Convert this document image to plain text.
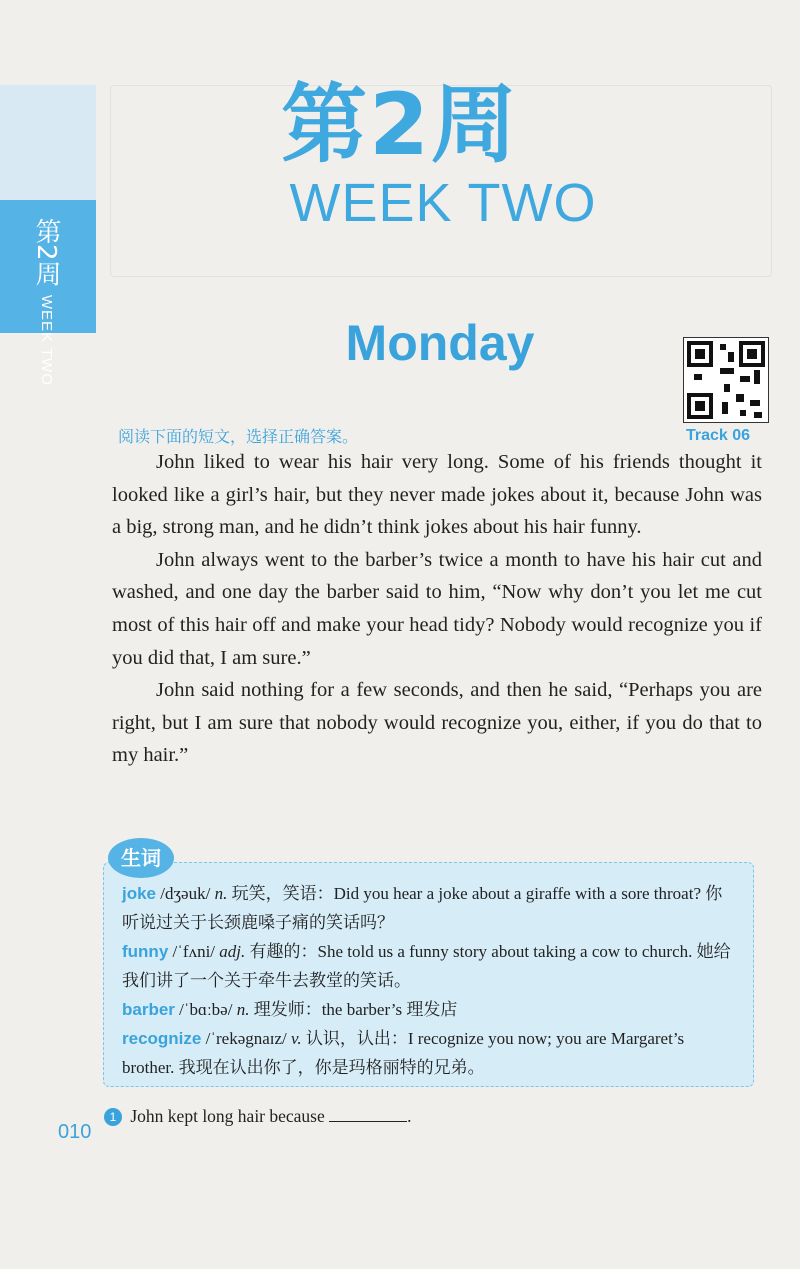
第2周 WEEK TWO
第2周
WEEK TWO
Monday
阅读下面的短文，选择正确答案。	Track 06

John liked to wear his hair very long. Some of his friends thought it looked like a girl’s hair, but they never made jokes about it, because John was a big, strong man, and he didn’t think jokes about his hair funny.

John always went to the barber’s twice a month to have his hair cut and washed, and one day the barber said to him, “Now why don’t you let me cut most of this hair off and make your head tidy? Nobody would recognize you if you did that, I am sure.”

John said nothing for a few seconds, and then he said, “Perhaps you are right, but I am sure that nobody would recognize you, either, if you do that to my hair.”

joke /dʒəuk/ n. 玩笑，笑语：Did you hear a joke about a giraffe with a sore throat? 你听说过关于长颈鹿嗓子痛的笑话吗？
funny /ˈfʌni/ adj. 有趣的：She told us a funny story about taking a cow to church. 她给我们讲了一个关于牵牛去教堂的笑话。
barber /ˈbɑːbə/ n. 理发师：the barber’s 理发店
recognize /ˈrekəgnaɪz/ v. 认识，认出：I recognize you now; you are Margaret’s brother. 我现在认出你了，你是玛格丽特的兄弟。
生词
010
1 John kept long hair because	.
